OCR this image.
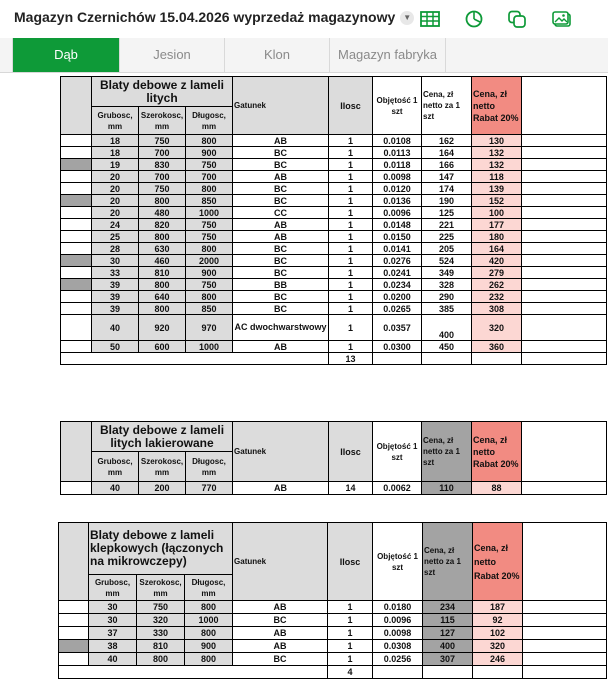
Magazyn Czernichów 15.04.2026 wyprzedaż magazynowy ▼
Dąb	Jesion	Klon	Magazyn fabryka
	Blaty debowe z lameli litych			Gatunek	Ilosc	Objętość 1 szt	Cena, zł netto za 1 szt	Cena, zł netto Rabat 20%	
	Grubosc, mm	Szerokosc, mm	Długosc, mm						
	18	750	800	AB	1	0.0108	162	130	
	18	700	900	BC	1	0.0113	164	132	
	19	830	750	BC	1	0.0118	166	132	
	20	700	700	AB	1	0.0098	147	118	
	20	750	800	BC	1	0.0120	174	139	
	20	800	850	BC	1	0.0136	190	152	
	20	480	1000	CC	1	0.0096	125	100	
	24	820	750	AB	1	0.0148	221	177	
	25	800	750	AB	1	0.0150	225	180	
	28	630	800	BC	1	0.0141	205	164	
	30	460	2000	BC	1	0.0276	524	420	
	33	810	900	BC	1	0.0241	349	279	
	39	800	750	BB	1	0.0234	328	262	
	39	640	800	BC	1	0.0200	290	232	
	39	800	850	BC	1	0.0265	385	308	
	40	920	970	AC dwochwarstwowy	1	0.0357	400	320	
	50	600	1000	AB	1	0.0300	450	360	
					13				
	Blaty debowe z lameli litych lakierowane			Gatunek	Ilosc	Objętość 1 szt	Cena, zł netto za 1 szt	Cena, zł netto Rabat 20%	
	Grubosc, mm	Szerokosc, mm	Długosc, mm						
	40	200	770	AB	14	0.0062	110	88	
	Blaty debowe z lameli klepkowych (łączonych na mikrowczepy)			Gatunek	Ilosc	Objętość 1 szt	Cena, zł netto za 1 szt	Cena, zł netto Rabat 20%	
	Grubosc, mm	Szerokosc, mm	Długosc, mm						
	30	750	800	AB	1	0.0180	234	187	
	30	320	1000	BC	1	0.0096	115	92	
	37	330	800	AB	1	0.0098	127	102	
	38	810	900	AB	1	0.0308	400	320	
	40	800	800	BC	1	0.0256	307	246	
					4				
